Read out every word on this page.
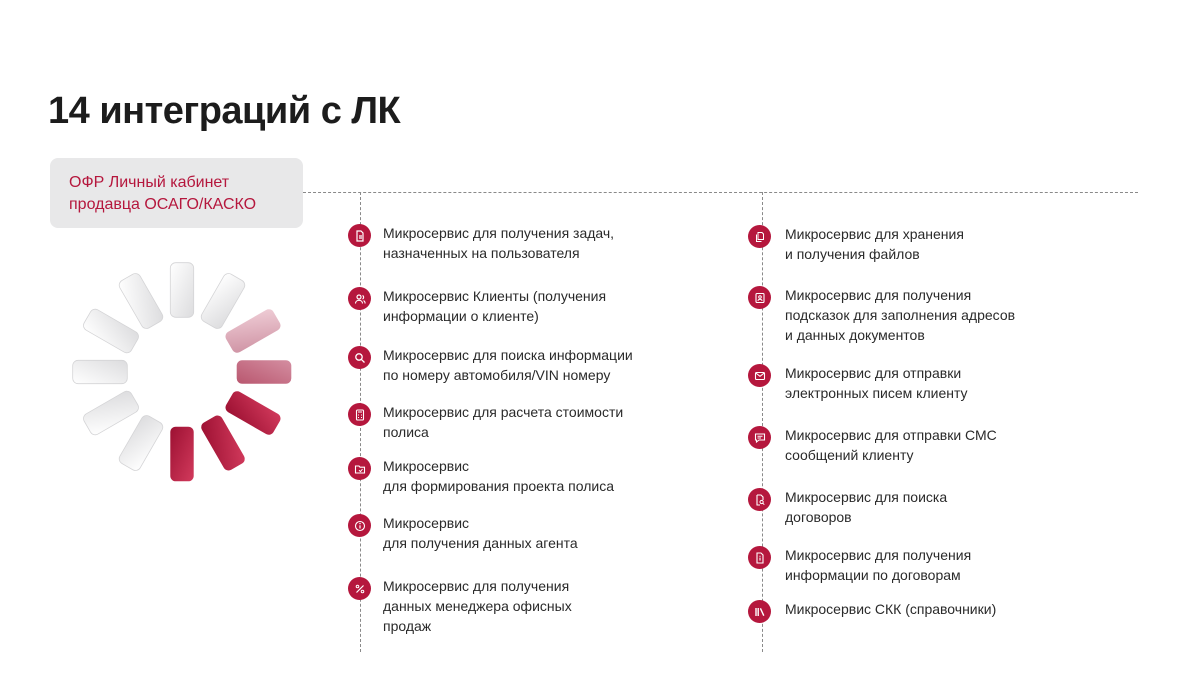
14 интеграций с ЛК
ОФР Личный кабинет
продавца ОСАГО/КАСКО
Микросервис для получения задач,
назначенных на пользователя
Микросервис Клиенты (получения
информации о клиенте)
Микросервис для поиска информации
по номеру автомобиля/VIN номеру
Микросервис для расчета стоимости
полиса
Микросервис
для формирования проекта полиса
Микросервис
для получения данных агента
Микросервис для получения
данных менеджера офисных
продаж
Микросервис для хранения
и получения файлов
Микросервис для получения
подсказок для заполнения адресов
и данных документов
Микросервис для отправки
электронных писем клиенту
Микросервис для отправки СМС
сообщений клиенту
Микросервис для поиска
договоров
Микросервис для получения
информации по договорам
Микросервис СКК (справочники)
